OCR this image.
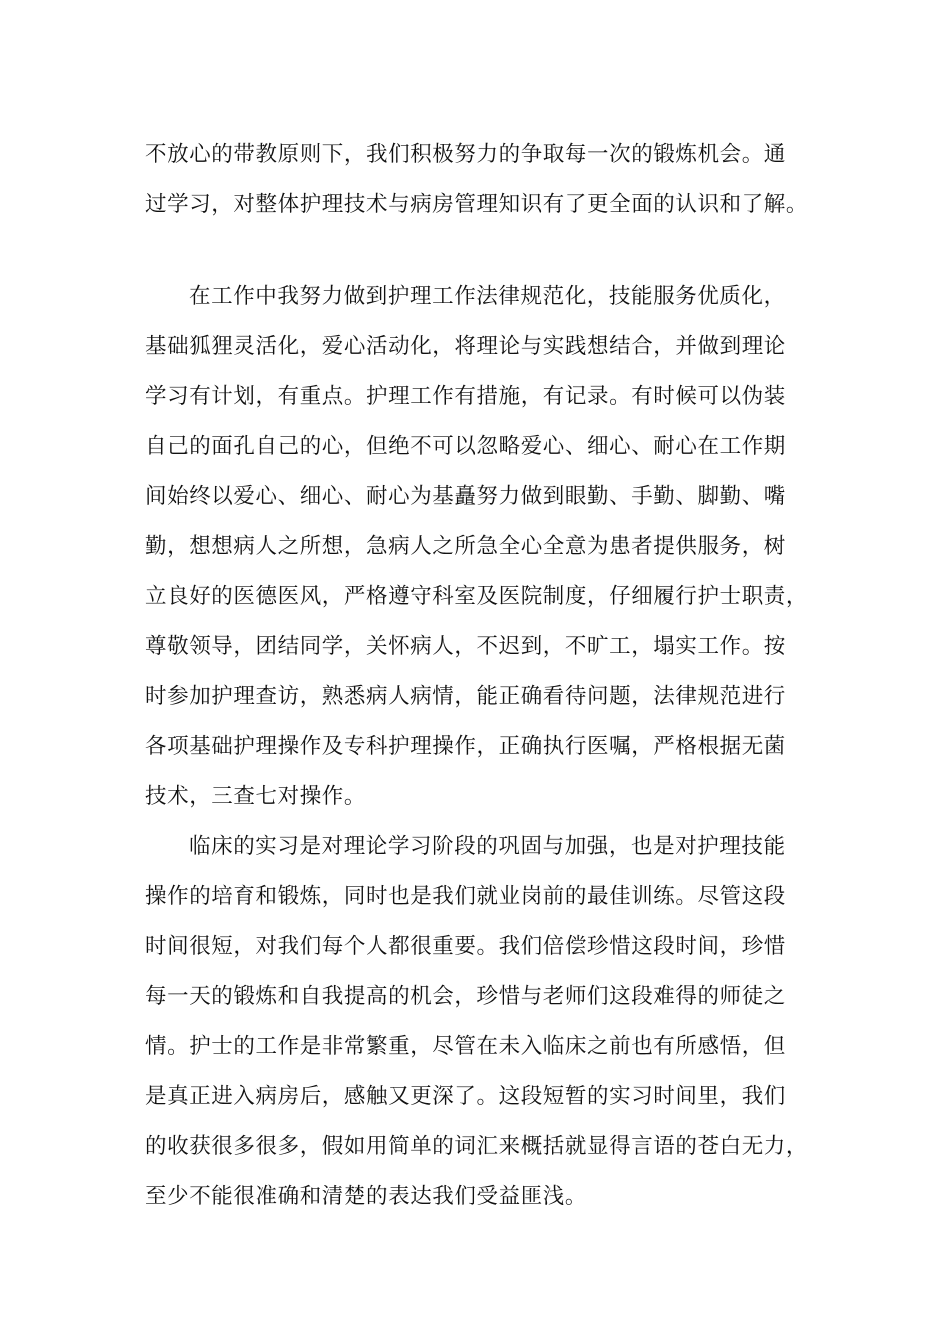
不放心的带教原则下，我们积极努力的争取每一次的锻炼机会。通
过学习，对整体护理技术与病房管理知识有了更全面的认识和了解。
在工作中我努力做到护理工作法律规范化，技能服务优质化，
基础狐狸灵活化，爱心活动化，将理论与实践想结合，并做到理论
学习有计划，有重点。护理工作有措施，有记录。有时候可以伪装
自己的面孔自己的心，但绝不可以忽略爱心、细心、耐心在工作期
间始终以爱心、细心、耐心为基矗努力做到眼勤、手勤、脚勤、嘴
勤，想想病人之所想，急病人之所急全心全意为患者提供服务，树
立良好的医德医风，严格遵守科室及医院制度，仔细履行护士职责，
尊敬领导，团结同学，关怀病人，不迟到，不旷工，塌实工作。按
时参加护理查访，熟悉病人病情，能正确看待问题，法律规范进行
各项基础护理操作及专科护理操作，正确执行医嘱，严格根据无菌
技术，三查七对操作。
临床的实习是对理论学习阶段的巩固与加强，也是对护理技能
操作的培育和锻炼，同时也是我们就业岗前的最佳训练。尽管这段
时间很短，对我们每个人都很重要。我们倍偿珍惜这段时间，珍惜
每一天的锻炼和自我提高的机会，珍惜与老师们这段难得的师徒之
情。护士的工作是非常繁重，尽管在未入临床之前也有所感悟，但
是真正进入病房后，感触又更深了。这段短暂的实习时间里，我们
的收获很多很多，假如用简单的词汇来概括就显得言语的苍白无力，
至少不能很准确和清楚的表达我们受益匪浅。
